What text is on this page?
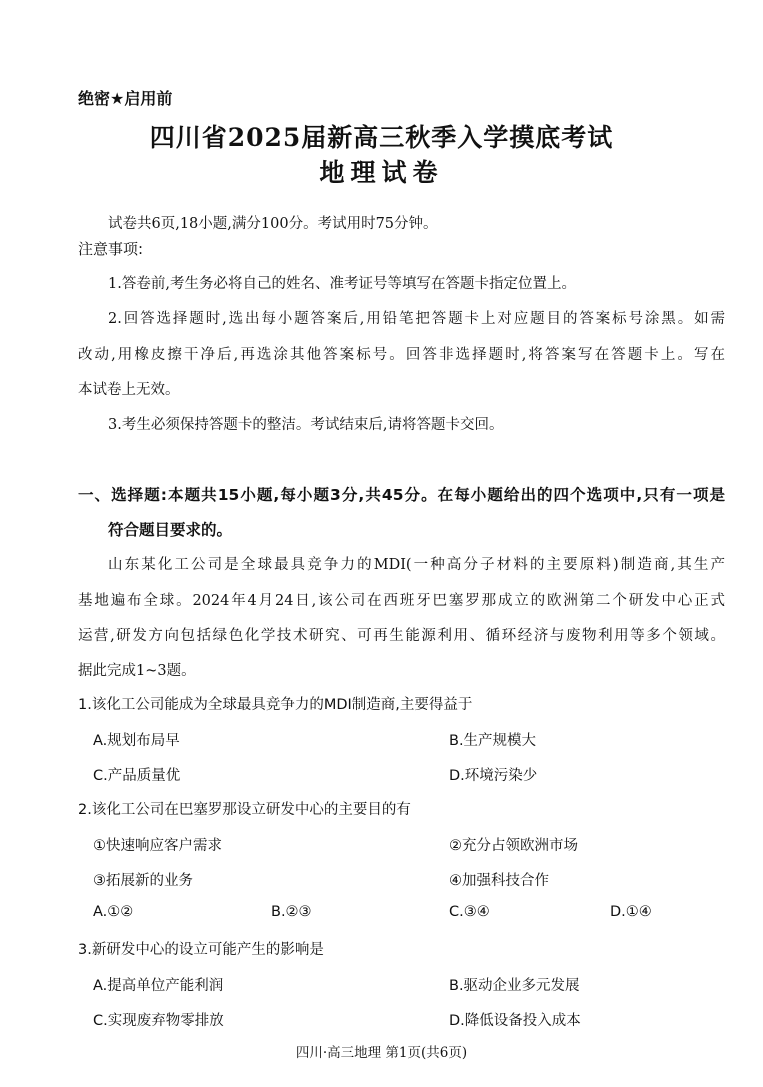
绝密★启用前
四川省2025届新高三秋季入学摸底考试
地理试卷
试卷共6页,18小题,满分100分。考试用时75分钟。
注意事项:
1.答卷前,考生务必将自己的姓名、准考证号等填写在答题卡指定位置上。
2.回答选择题时,选出每小题答案后,用铅笔把答题卡上对应题目的答案标号涂黑。如需
改动,用橡皮擦干净后,再选涂其他答案标号。回答非选择题时,将答案写在答题卡上。写在
本试卷上无效。
3.考生必须保持答题卡的整洁。考试结束后,请将答题卡交回。
一、选择题:本题共15小题,每小题3分,共45分。在每小题给出的四个选项中,只有一项是
符合题目要求的。
山东某化工公司是全球最具竞争力的MDI(一种高分子材料的主要原料)制造商,其生产
基地遍布全球。2024年4月24日,该公司在西班牙巴塞罗那成立的欧洲第二个研发中心正式
运营,研发方向包括绿色化学技术研究、可再生能源利用、循环经济与废物利用等多个领域。
据此完成1~3题。
1.该化工公司能成为全球最具竞争力的MDI制造商,主要得益于
A.规划布局早	B.生产规模大
C.产品质量优	D.环境污染少
2.该化工公司在巴塞罗那设立研发中心的主要目的有
①快速响应客户需求	②充分占领欧洲市场
③拓展新的业务	④加强科技合作
A.①②	B.②③	C.③④	D.①④
3.新研发中心的设立可能产生的影响是
A.提高单位产能利润	B.驱动企业多元发展
C.实现废弃物零排放	D.降低设备投入成本
四川·高三地理 第1页(共6页)
